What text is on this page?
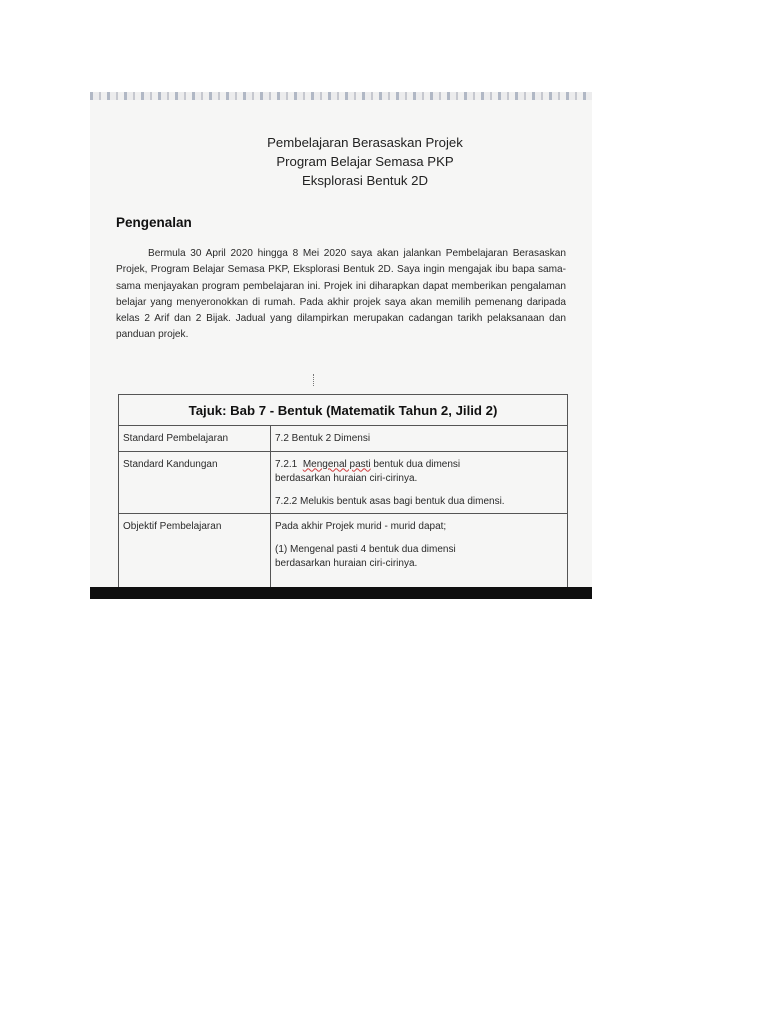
Pembelajaran Berasaskan Projek
Program Belajar Semasa PKP
Eksplorasi Bentuk 2D
Pengenalan
Bermula 30 April 2020 hingga 8 Mei 2020 saya akan jalankan Pembelajaran Berasaskan Projek, Program Belajar Semasa PKP, Eksplorasi Bentuk 2D. Saya ingin mengajak ibu bapa sama-sama menjayakan program pembelajaran ini. Projek ini diharapkan dapat memberikan pengalaman belajar yang menyeronokkan di rumah. Pada akhir projek saya akan memilih pemenang daripada kelas 2 Arif dan 2 Bijak. Jadual yang dilampirkan merupakan cadangan tarikh pelaksanaan dan panduan projek.
Tajuk: Bab 7 - Bentuk (Matematik Tahun 2, Jilid 2)	
Standard Pembelajaran	7.2 Bentuk 2 Dimensi
Standard Kandungan	7.2.1 Mengenal pasti bentuk dua dimensi
berdasarkan huraian ciri-cirinya.
7.2.2 Melukis bentuk asas bagi bentuk dua dimensi.

Objektif Pembelajaran	Pada akhir Projek murid - murid dapat;
(1) Mengenal pasti 4 bentuk dua dimensi
berdasarkan huraian ciri-cirinya.
